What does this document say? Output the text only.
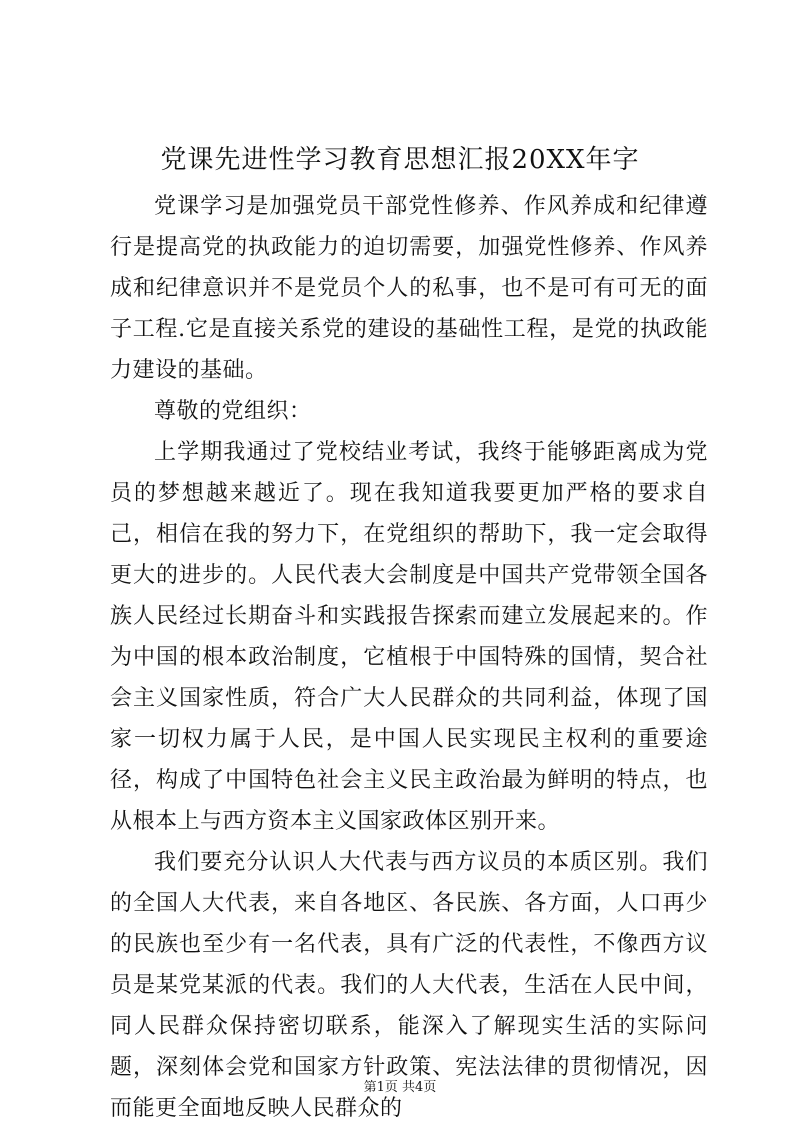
党课先进性学习教育思想汇报20XX年字

党课学习是加强党员干部党性修养、作风养成和纪律遵行是提高党的执政能力的迫切需要，加强党性修养、作风养成和纪律意识并不是党员个人的私事，也不是可有可无的面子工程.它是直接关系党的建设的基础性工程，是党的执政能力建设的基础。

尊敬的党组织：

上学期我通过了党校结业考试，我终于能够距离成为党员的梦想越来越近了。现在我知道我要更加严格的要求自己，相信在我的努力下，在党组织的帮助下，我一定会取得更大的进步的。人民代表大会制度是中国共产党带领全国各族人民经过长期奋斗和实践报告探索而建立发展起来的。作为中国的根本政治制度，它植根于中国特殊的国情，契合社会主义国家性质，符合广大人民群众的共同利益，体现了国家一切权力属于人民，是中国人民实现民主权利的重要途径，构成了中国特色社会主义民主政治最为鲜明的特点，也从根本上与西方资本主义国家政体区别开来。

我们要充分认识人大代表与西方议员的本质区别。我们的全国人大代表，来自各地区、各民族、各方面，人口再少的民族也至少有一名代表，具有广泛的代表性，不像西方议员是某党某派的代表。我们的人大代表，生活在人民中间，同人民群众保持密切联系，能深入了解现实生活的实际问题，深刻体会党和国家方针政策、宪法法律的贯彻情况，因而能更全面地反映人民群众的

第1页 共4页
